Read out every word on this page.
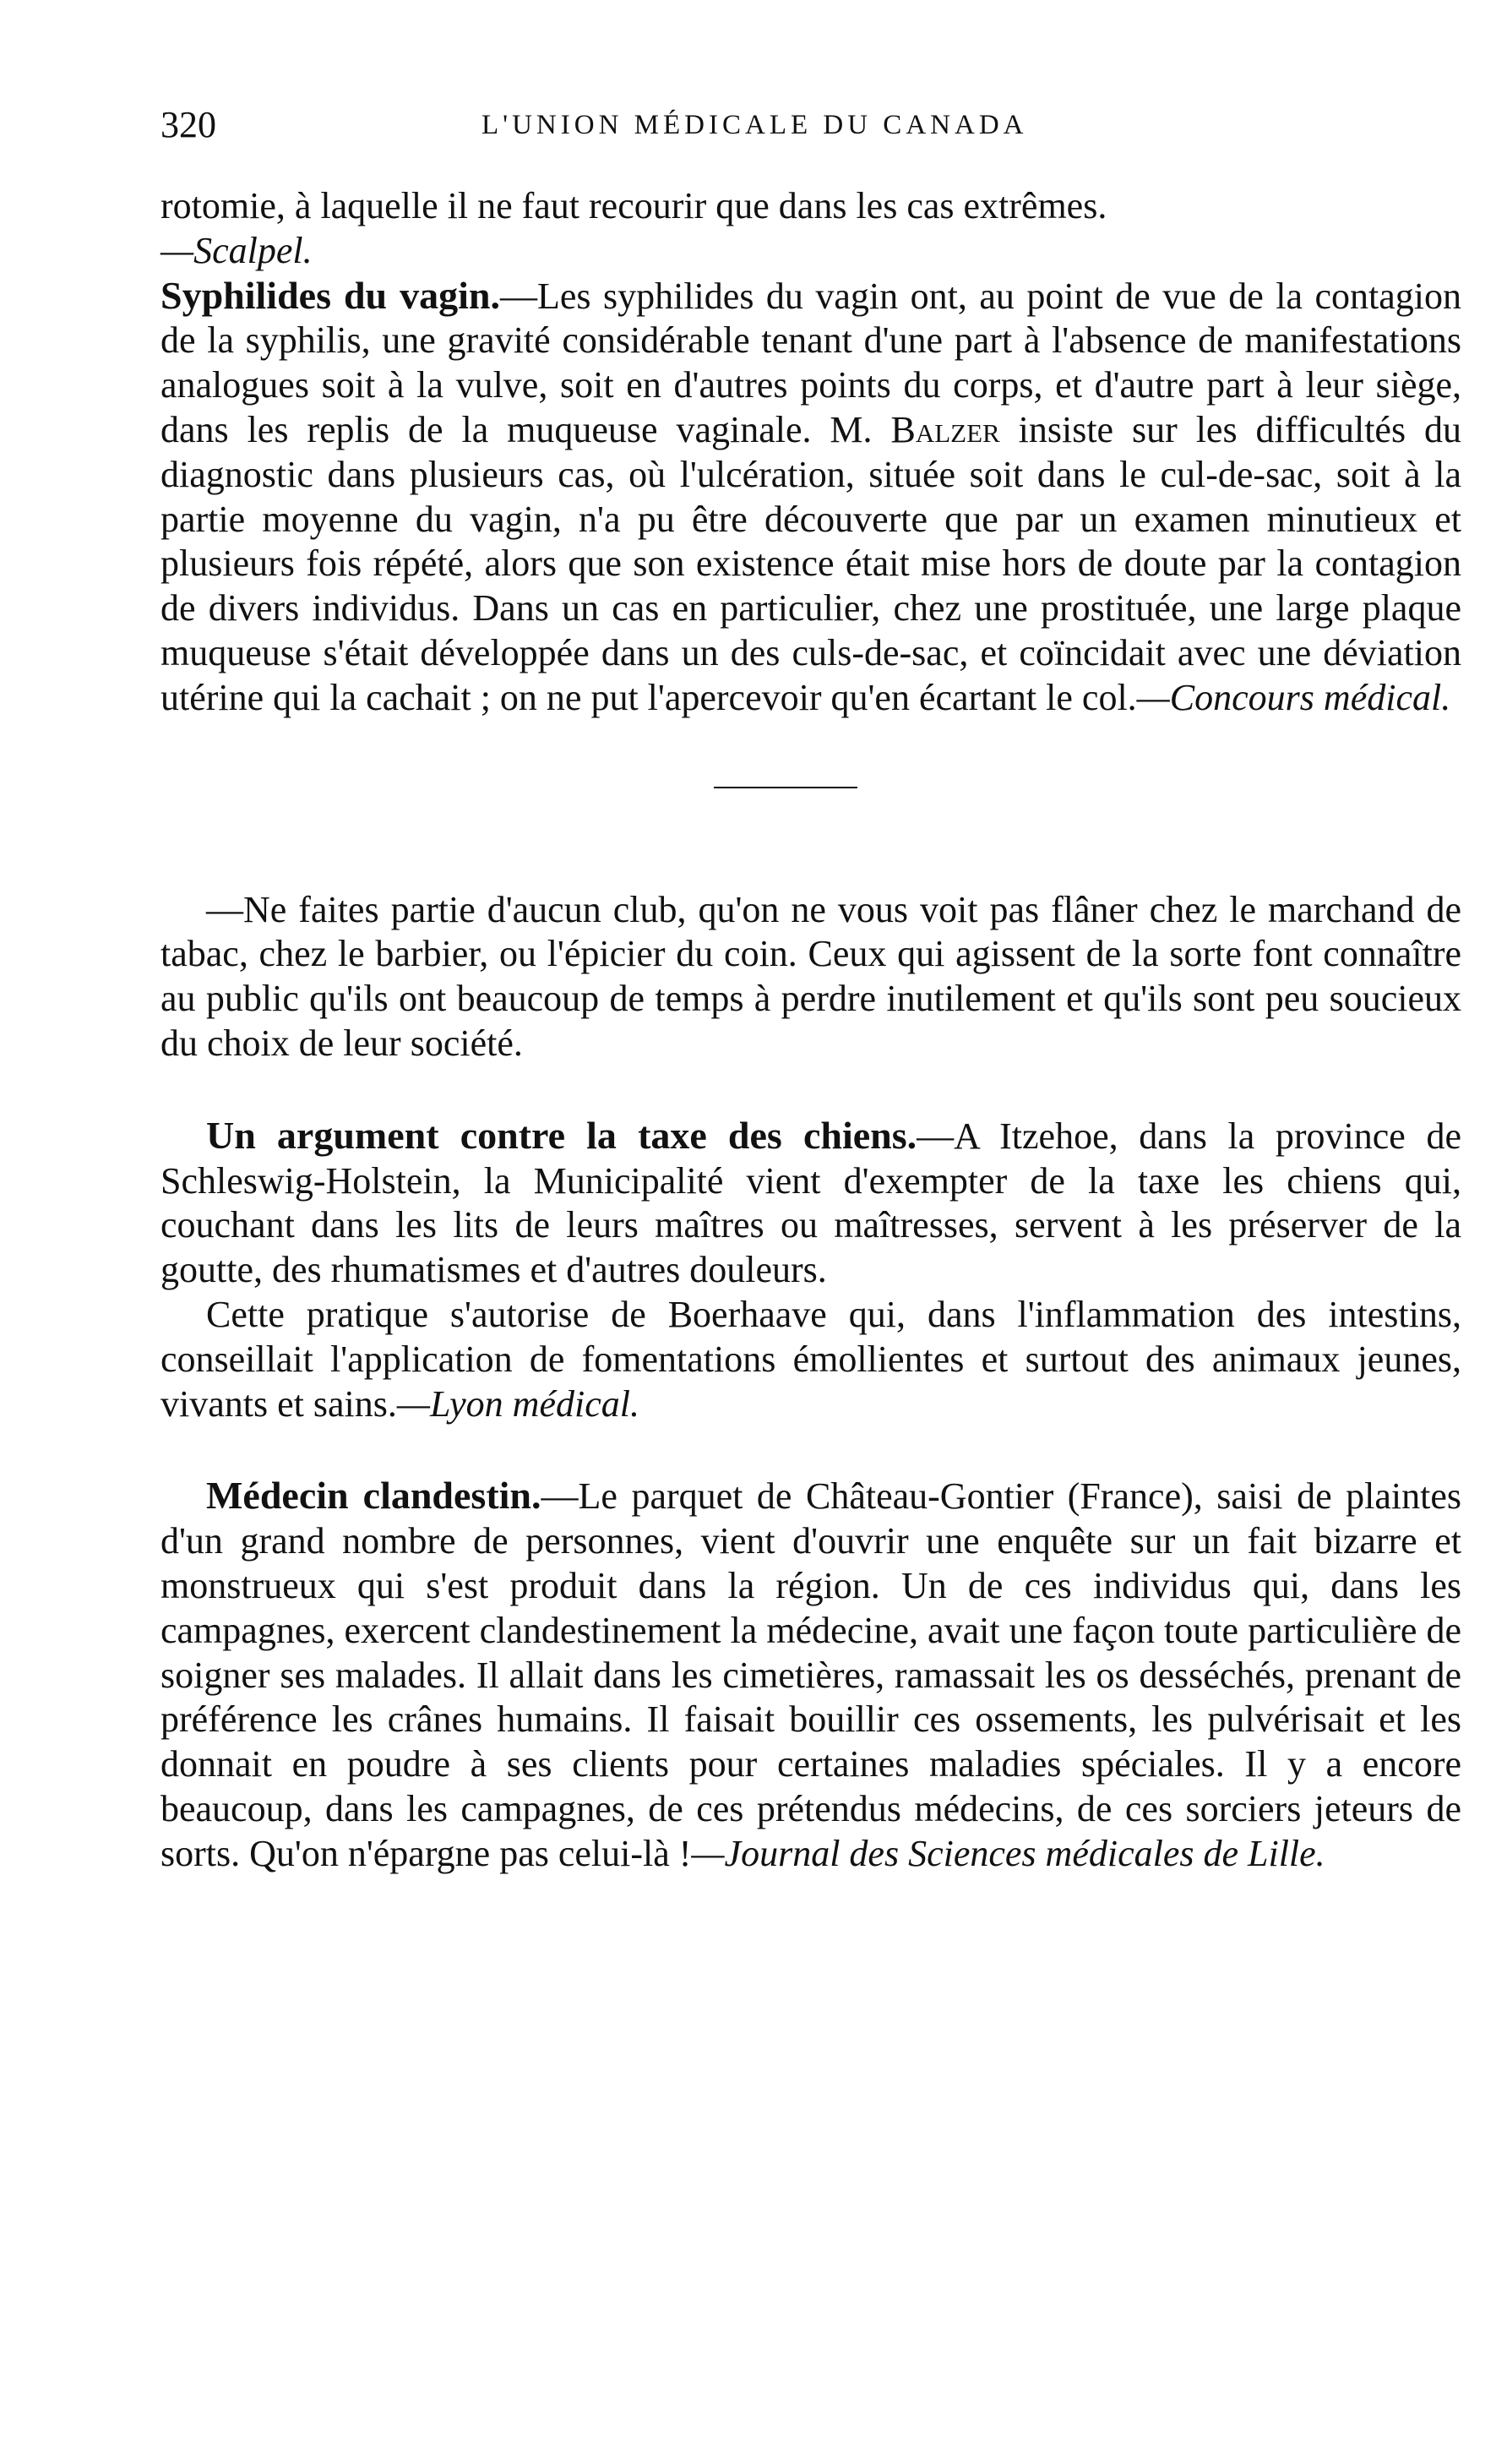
320	L'UNION MÉDICALE DU CANADA

rotomie, à laquelle il ne faut recourir que dans les cas extrêmes.
—Scalpel.

Syphilides du vagin.—Les syphilides du vagin ont, au point de vue de la contagion de la syphilis, une gravité considérable tenant d'une part à l'absence de manifestations analogues soit à la vulve, soit en d'autres points du corps, et d'autre part à leur siège, dans les replis de la muqueuse vaginale. M. Balzer insiste sur les difficultés du diagnostic dans plusieurs cas, où l'ulcération, située soit dans le cul-de-sac, soit à la partie moyenne du vagin, n'a pu être découverte que par un examen minutieux et plusieurs fois répété, alors que son existence était mise hors de doute par la contagion de divers individus. Dans un cas en particulier, chez une prostituée, une large plaque muqueuse s'était développée dans un des culs-de-sac, et coïncidait avec une déviation utérine qui la cachait ; on ne put l'apercevoir qu'en écartant le col.—Concours médical.

—Ne faites partie d'aucun club, qu'on ne vous voit pas flâner chez le marchand de tabac, chez le barbier, ou l'épicier du coin. Ceux qui agissent de la sorte font connaître au public qu'ils ont beaucoup de temps à perdre inutilement et qu'ils sont peu soucieux du choix de leur société.

Un argument contre la taxe des chiens.—A Itzehoe, dans la province de Schleswig-Holstein, la Municipalité vient d'exempter de la taxe les chiens qui, couchant dans les lits de leurs maîtres ou maîtresses, servent à les préserver de la goutte, des rhumatismes et d'autres douleurs.

Cette pratique s'autorise de Boerhaave qui, dans l'inflammation des intestins, conseillait l'application de fomentations émollientes et surtout des animaux jeunes, vivants et sains.—Lyon médical.

Médecin clandestin.—Le parquet de Château-Gontier (France), saisi de plaintes d'un grand nombre de personnes, vient d'ouvrir une enquête sur un fait bizarre et monstrueux qui s'est produit dans la région. Un de ces individus qui, dans les campagnes, exercent clandestinement la médecine, avait une façon toute particulière de soigner ses malades. Il allait dans les cimetières, ramassait les os desséchés, prenant de préférence les crânes humains. Il faisait bouillir ces ossements, les pulvérisait et les donnait en poudre à ses clients pour certaines maladies spéciales. Il y a encore beaucoup, dans les campagnes, de ces prétendus médecins, de ces sorciers jeteurs de sorts. Qu'on n'épargne pas celui-là !—Journal des Sciences médicales de Lille.
